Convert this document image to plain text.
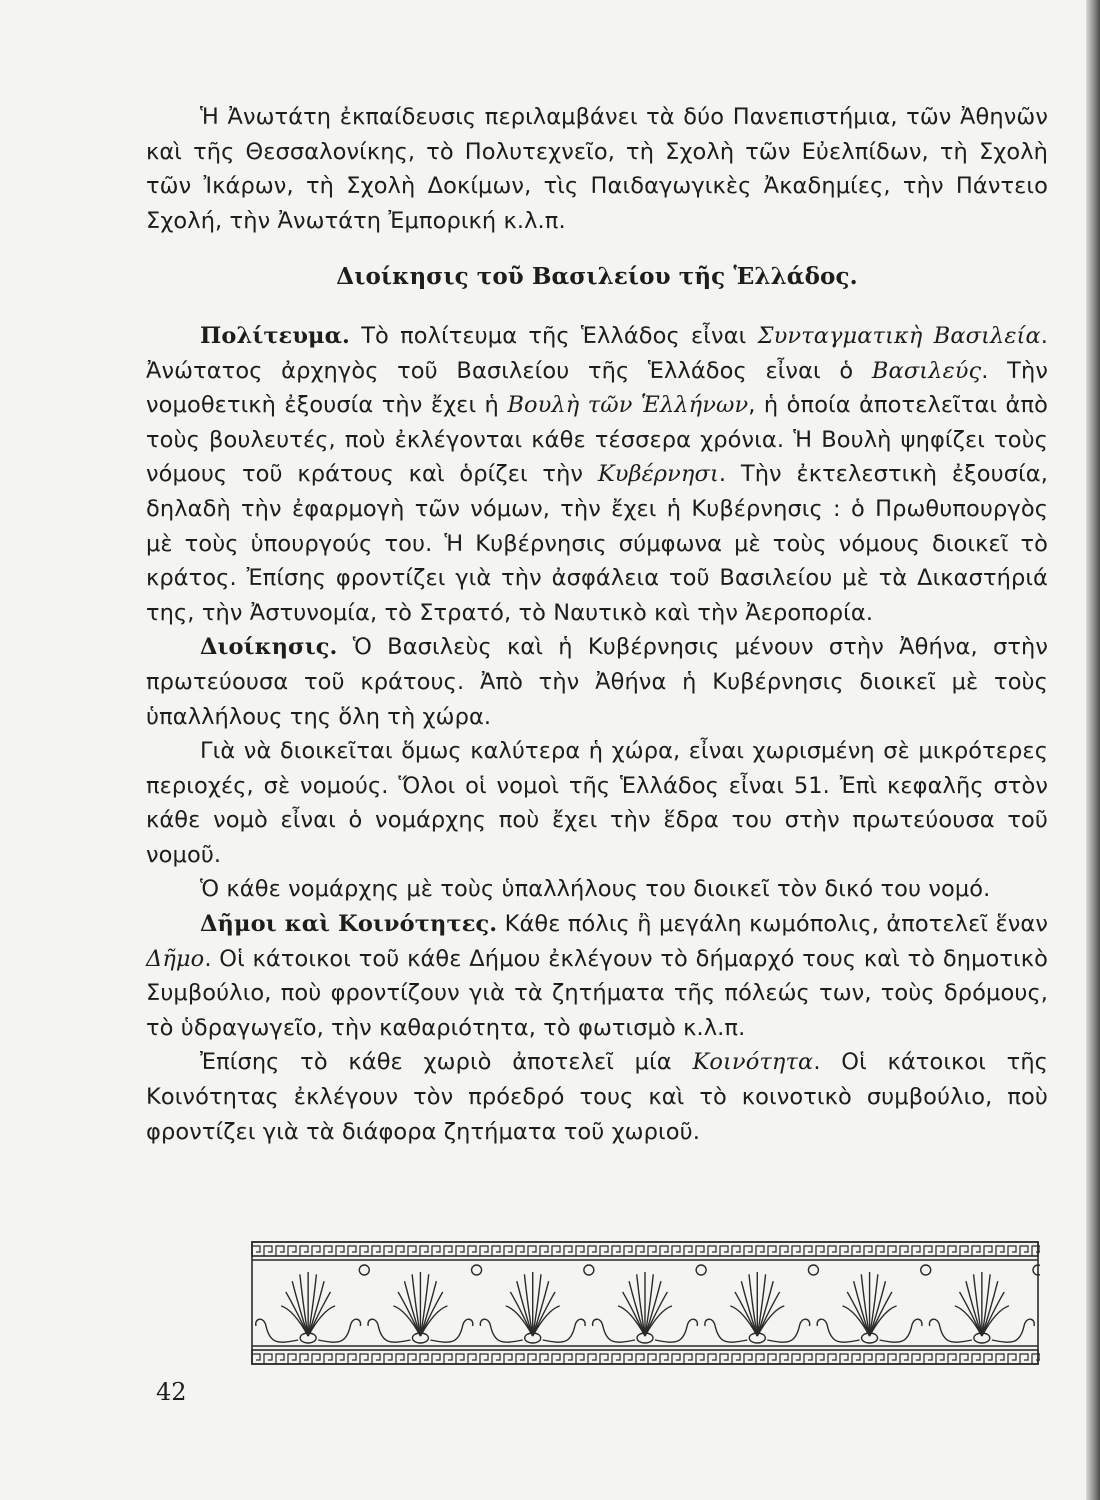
Ἡ Ἀνωτάτη ἐκπαίδευσις περιλαμβάνει τὰ δύο Πανεπιστήμια, τῶν Ἀθηνῶν καὶ τῆς Θεσσαλονίκης, τὸ Πολυτεχνεῖο, τὴ Σχολὴ τῶν Εὐελπίδων, τὴ Σχολὴ τῶν Ἰκάρων, τὴ Σχολὴ Δοκίμων, τὶς Παιδαγωγικὲς Ἀκαδημίες, τὴν Πάντειο Σχολή, τὴν Ἀνωτάτη Ἐμπορική κ.λ.π.

Διοίκησις τοῦ Βασιλείου τῆς Ἑλλάδος.

Πολίτευμα. Τὸ πολίτευμα τῆς Ἑλλάδος εἶναι Συνταγματικὴ Βασιλεία. Ἀνώτατος ἀρχηγὸς τοῦ Βασιλείου τῆς Ἑλλάδος εἶναι ὁ Βασιλεύς. Τὴν νομοθετικὴ ἐξουσία τὴν ἔχει ἡ Βουλὴ τῶν Ἑλλήνων, ἡ ὁποία ἀποτελεῖται ἀπὸ τοὺς βουλευτές, ποὺ ἐκλέγονται κάθε τέσσερα χρόνια. Ἡ Βουλὴ ψηφίζει τοὺς νόμους τοῦ κράτους καὶ ὁρίζει τὴν Κυβέρνησι. Τὴν ἐκτελεστικὴ ἐξουσία, δηλαδὴ τὴν ἐφαρμογὴ τῶν νόμων, τὴν ἔχει ἡ Κυβέρνησις : ὁ Πρωθυπουργὸς μὲ τοὺς ὑπουργούς του. Ἡ Κυβέρνησις σύμφωνα μὲ τοὺς νόμους διοικεῖ τὸ κράτος. Ἐπίσης φροντίζει γιὰ τὴν ἀσφάλεια τοῦ Βασιλείου μὲ τὰ Δικαστήριά της, τὴν Ἀστυνομία, τὸ Στρατό, τὸ Ναυτικὸ καὶ τὴν Ἀεροπορία.

Διοίκησις. Ὁ Βασιλεὺς καὶ ἡ Κυβέρνησις μένουν στὴν Ἀθήνα, στὴν πρωτεύουσα τοῦ κράτους. Ἀπὸ τὴν Ἀθήνα ἡ Κυβέρνησις διοικεῖ μὲ τοὺς ὑπαλλήλους της ὅλη τὴ χώρα.

Γιὰ νὰ διοικεῖται ὅμως καλύτερα ἡ χώρα, εἶναι χωρισμένη σὲ μικρότερες περιοχές, σὲ νομούς. Ὅλοι οἱ νομοὶ τῆς Ἑλλάδος εἶναι 51. Ἐπὶ κεφαλῆς στὸν κάθε νομὸ εἶναι ὁ νομάρχης ποὺ ἔχει τὴν ἕδρα του στὴν πρωτεύουσα τοῦ νομοῦ.

Ὁ κάθε νομάρχης μὲ τοὺς ὑπαλλήλους του διοικεῖ τὸν δικό του νομό.

Δῆμοι καὶ Κοινότητες. Κάθε πόλις ἢ μεγάλη κωμόπολις, ἀποτελεῖ ἕναν Δῆμο. Οἱ κάτοικοι τοῦ κάθε Δήμου ἐκλέγουν τὸ δήμαρχό τους καὶ τὸ δημοτικὸ Συμβούλιο, ποὺ φροντίζουν γιὰ τὰ ζητήματα τῆς πόλεώς των, τοὺς δρόμους, τὸ ὑδραγωγεῖο, τὴν καθαριότητα, τὸ φωτισμὸ κ.λ.π.

Ἐπίσης τὸ κάθε χωριὸ ἀποτελεῖ μία Κοινότητα. Οἱ κάτοικοι τῆς Κοινότητας ἐκλέγουν τὸν πρόεδρό τους καὶ τὸ κοινοτικὸ συμβούλιο, ποὺ φροντίζει γιὰ τὰ διάφορα ζητήματα τοῦ χωριοῦ.

42
